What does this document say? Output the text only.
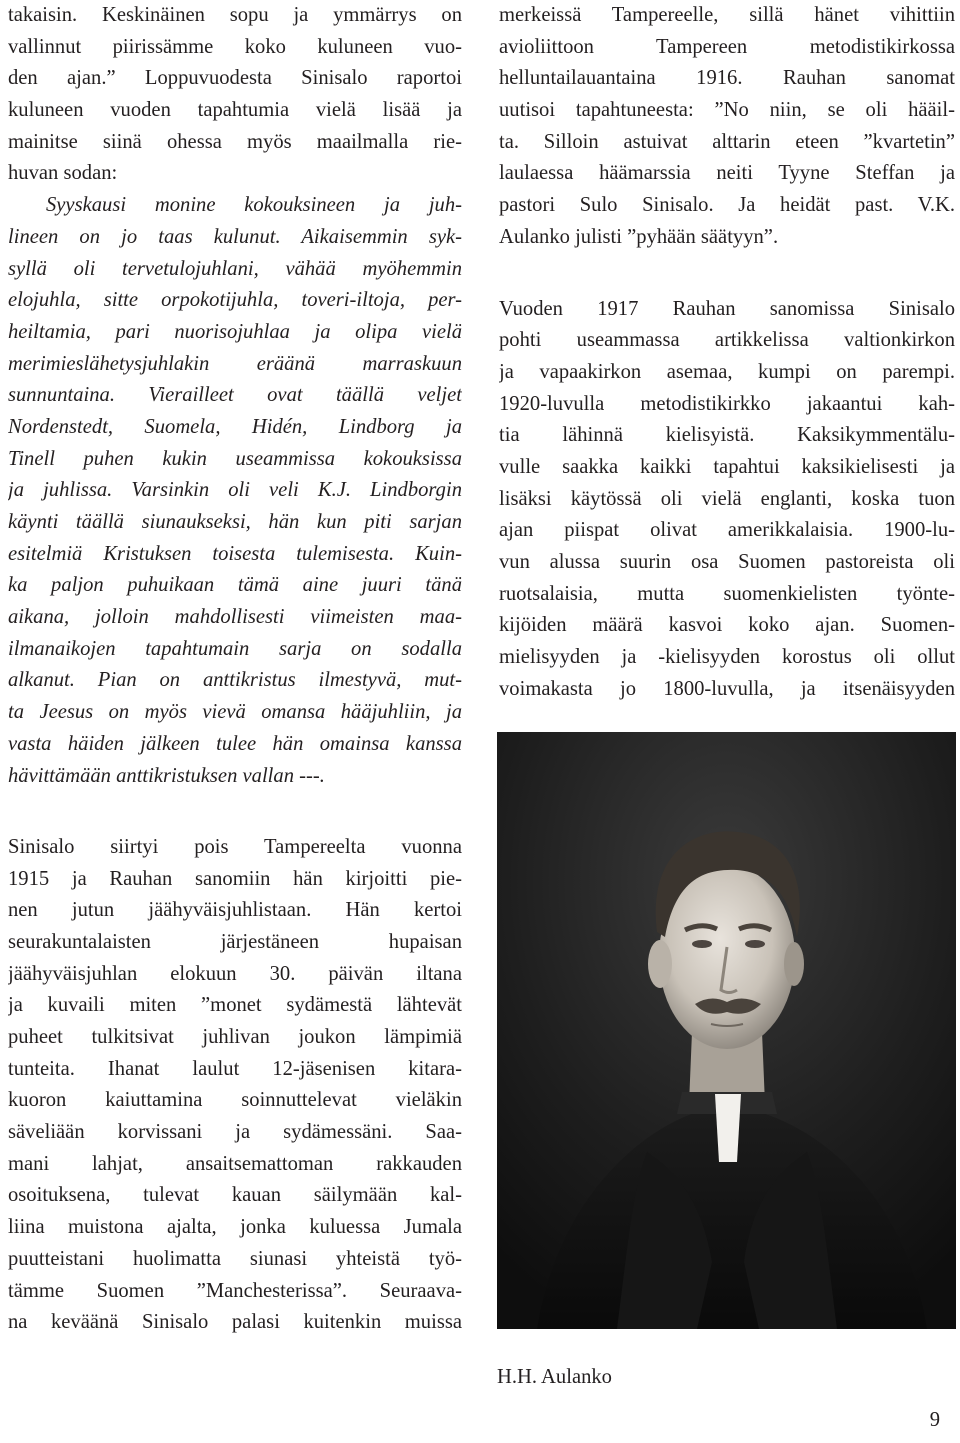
takaisin. Keskinäinen sopu ja ymmärrys on
vallinnut piirissämme koko kuluneen vuo-
den ajan.” Loppuvuodesta Sinisalo raportoi
kuluneen vuoden tapahtumia vielä lisää ja
mainitse siinä ohessa myös maailmalla rie-
huvan sodan:
Syyskausi monine kokouksineen ja juh-
lineen on jo taas kulunut. Aikaisemmin syk-
syllä oli tervetulojuhlani, vähää myöhemmin
elojuhla, sitte orpokotijuhla, toveri-iltoja, per-
heiltamia, pari nuorisojuhlaa ja olipa vielä
merimieslähetysjuhlakin eräänä marraskuun
sunnuntaina. Vierailleet ovat täällä veljet
Nordenstedt, Suomela, Hidén, Lindborg ja
Tinell puhen kukin useammissa kokouksissa
ja juhlissa. Varsinkin oli veli K.J. Lindborgin
käynti täällä siunaukseksi, hän kun piti sarjan
esitelmiä Kristuksen toisesta tulemisesta. Kuin-
ka paljon puhuikaan tämä aine juuri tänä
aikana, jolloin mahdollisesti viimeisten maa-
ilmanaikojen tapahtumain sarja on sodalla
alkanut. Pian on anttikristus ilmestyvä, mut-
ta Jeesus on myös vievä omansa hääjuhliin, ja
vasta häiden jälkeen tulee hän omainsa kanssa
hävittämään anttikristuksen vallan ---.
Sinisalo siirtyi pois Tampereelta vuonna
1915 ja Rauhan sanomiin hän kirjoitti pie-
nen jutun jäähyväisjuhlistaan. Hän kertoi
seurakuntalaisten järjestäneen hupaisan
jäähyväisjuhlan elokuun 30. päivän iltana
ja kuvaili miten ”monet sydämestä lähtevät
puheet tulkitsivat juhlivan joukon lämpimiä
tunteita. Ihanat laulut 12-jäsenisen kitara-
kuoron kaiuttamina soinnuttelevat vieläkin
säveliään korvissani ja sydämessäni. Saa-
mani lahjat, ansaitsemattoman rakkauden
osoituksena, tulevat kauan säilymään kal-
liina muistona ajalta, jonka kuluessa Jumala
puutteistani huolimatta siunasi yhteistä työ-
tämme Suomen ”Manchesterissa”. Seuraava-
na keväänä Sinisalo palasi kuitenkin muissa
merkeissä Tampereelle, sillä hänet vihittiin
avioliittoon Tampereen metodistikirkossa
helluntailauantaina 1916. Rauhan sanomat
uutisoi tapahtuneesta: ”No niin, se oli hääil-
ta. Silloin astuivat alttarin eteen ”kvartetin”
laulaessa häämarssia neiti Tyyne Steffan ja
pastori Sulo Sinisalo. Ja heidät past. V.K.
Aulanko julisti ”pyhään säätyyn”.
Vuoden 1917 Rauhan sanomissa Sinisalo
pohti useammassa artikkelissa valtionkirkon
ja vapaakirkon asemaa, kumpi on parempi.
1920-luvulla metodistikirkko jakaantui kah-
tia lähinnä kielisyistä. Kaksikymmentälu-
vulle saakka kaikki tapahtui kaksikielisesti ja
lisäksi käytössä oli vielä englanti, koska tuon
ajan piispat olivat amerikkalaisia. 1900-lu-
vun alussa suurin osa Suomen pastoreista oli
ruotsalaisia, mutta suomenkielisten työnte-
kijöiden määrä kasvoi koko ajan. Suomen-
mielisyyden ja -kielisyyden korostus oli ollut
voimakasta jo 1800-luvulla, ja itsenäisyyden
H.H. Aulanko
9
